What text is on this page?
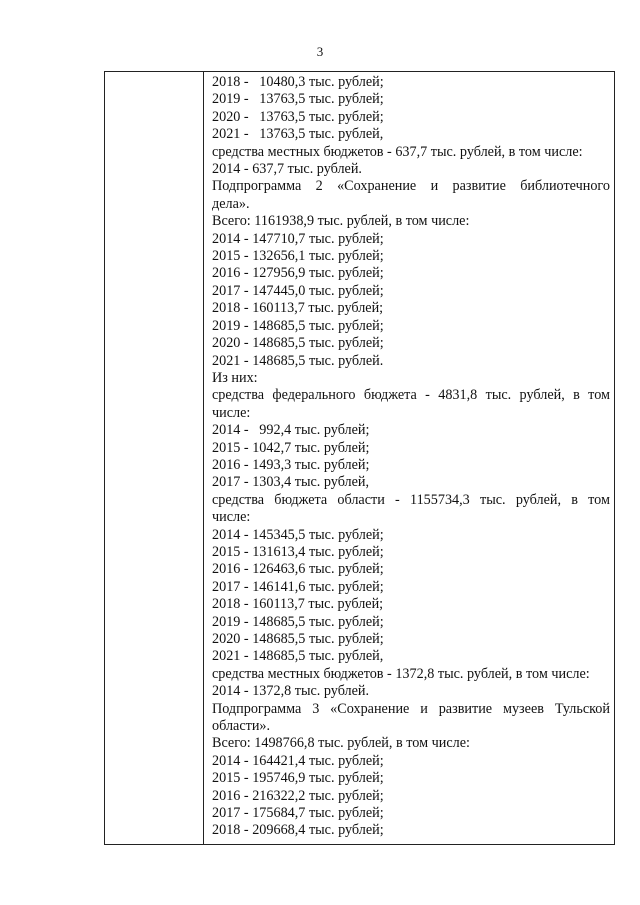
3
2018 -   10480,3 тыс. рублей;
2019 -   13763,5 тыс. рублей;
2020 -   13763,5 тыс. рублей;
2021 -   13763,5 тыс. рублей,
средства местных бюджетов - 637,7 тыс. рублей, в том числе:
2014 - 637,7 тыс. рублей.
Подпрограмма 2 «Сохранение и развитие библиотечного
дела».
Всего: 1161938,9 тыс. рублей, в том числе:
2014 - 147710,7 тыс. рублей;
2015 - 132656,1 тыс. рублей;
2016 - 127956,9 тыс. рублей;
2017 - 147445,0 тыс. рублей;
2018 - 160113,7 тыс. рублей;
2019 - 148685,5 тыс. рублей;
2020 - 148685,5 тыс. рублей;
2021 - 148685,5 тыс. рублей.
Из них:
средства федерального бюджета - 4831,8 тыс. рублей, в том
числе:
2014 -   992,4 тыс. рублей;
2015 - 1042,7 тыс. рублей;
2016 - 1493,3 тыс. рублей;
2017 - 1303,4 тыс. рублей,
средства бюджета области - 1155734,3 тыс. рублей, в том
числе:
2014 - 145345,5 тыс. рублей;
2015 - 131613,4 тыс. рублей;
2016 - 126463,6 тыс. рублей;
2017 - 146141,6 тыс. рублей;
2018 - 160113,7 тыс. рублей;
2019 - 148685,5 тыс. рублей;
2020 - 148685,5 тыс. рублей;
2021 - 148685,5 тыс. рублей,
средства местных бюджетов - 1372,8 тыс. рублей, в том числе:
2014 - 1372,8 тыс. рублей.
Подпрограмма 3 «Сохранение и развитие музеев Тульской
области».
Всего: 1498766,8 тыс. рублей, в том числе:
2014 - 164421,4 тыс. рублей;
2015 - 195746,9 тыс. рублей;
2016 - 216322,2 тыс. рублей;
2017 - 175684,7 тыс. рублей;
2018 - 209668,4 тыс. рублей;
